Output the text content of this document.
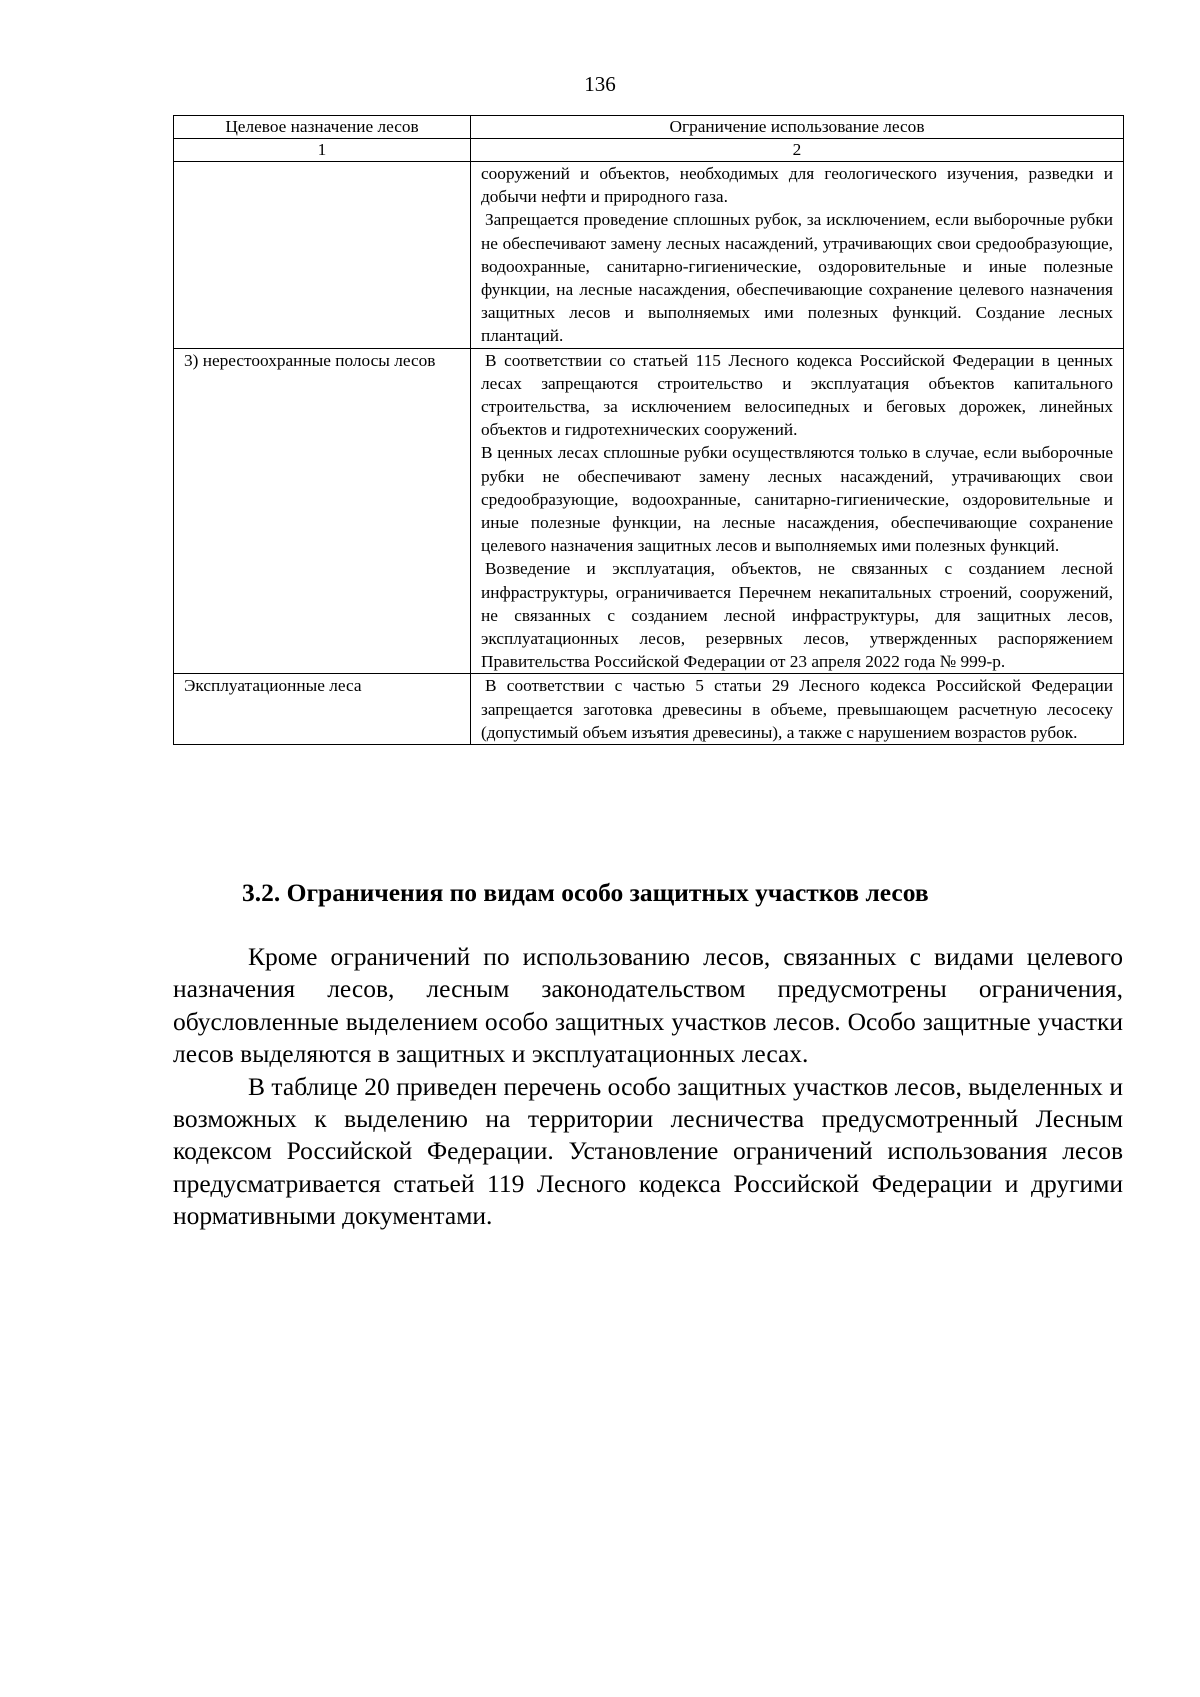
136
Целевое назначение лесов	Ограничение использование лесов
1	2

	сооружений и объектов, необходимых для геологического изучения, разведки и добычи нефти и природного газа.

Запрещается проведение сплошных рубок, за исключением, если выборочные рубки не обеспечивают замену лесных насаждений, утрачивающих свои средообразующие, водоохранные, санитарно-гигиенические, оздоровительные и иные полезные функции, на лесные насаждения, обеспечивающие сохранение целевого назначения защитных лесов и выполняемых ими полезных функций. Создание лесных плантаций.

3) нерестоохранные полосы лесов	В соответствии со статьей 115 Лесного кодекса Российской Федерации в ценных лесах запрещаются строительство и эксплуатация объектов капитального строительства, за исключением велосипедных и беговых дорожек, линейных объектов и гидротехнических сооружений.

В ценных лесах сплошные рубки осуществляются только в случае, если выборочные рубки не обеспечивают замену лесных насаждений, утрачивающих свои средообразующие, водоохранные, санитарно-гигиенические, оздоровительные и иные полезные функции, на лесные насаждения, обеспечивающие сохранение целевого назначения защитных лесов и выполняемых ими полезных функций.

Возведение и эксплуатация, объектов, не связанных с созданием лесной инфраструктуры, ограничивается Перечнем некапитальных строений, сооружений, не связанных с созданием лесной инфраструктуры, для защитных лесов, эксплуатационных лесов, резервных лесов, утвержденных распоряжением Правительства Российской Федерации от 23 апреля 2022 года № 999-р.

Эксплуатационные леса	В соответствии с частью 5 статьи 29 Лесного кодекса Российской Федерации запрещается заготовка древесины в объеме, превышающем расчетную лесосеку (допустимый объем изъятия древесины), а также с нарушением возрастов рубок.

3.2. Ограничения по видам особо защитных участков лесов

Кроме ограничений по использованию лесов, связанных с видами целевого назначения лесов, лесным законодательством предусмотрены ограничения, обусловленные выделением особо защитных участков лесов. Особо защитные участки лесов выделяются в защитных и эксплуатационных лесах.

В таблице 20 приведен перечень особо защитных участков лесов, выделенных и возможных к выделению на территории лесничества предусмотренный Лесным кодексом Российской Федерации. Установление ограничений использования лесов предусматривается статьей 119 Лесного кодекса Российской Федерации и другими нормативными документами.
